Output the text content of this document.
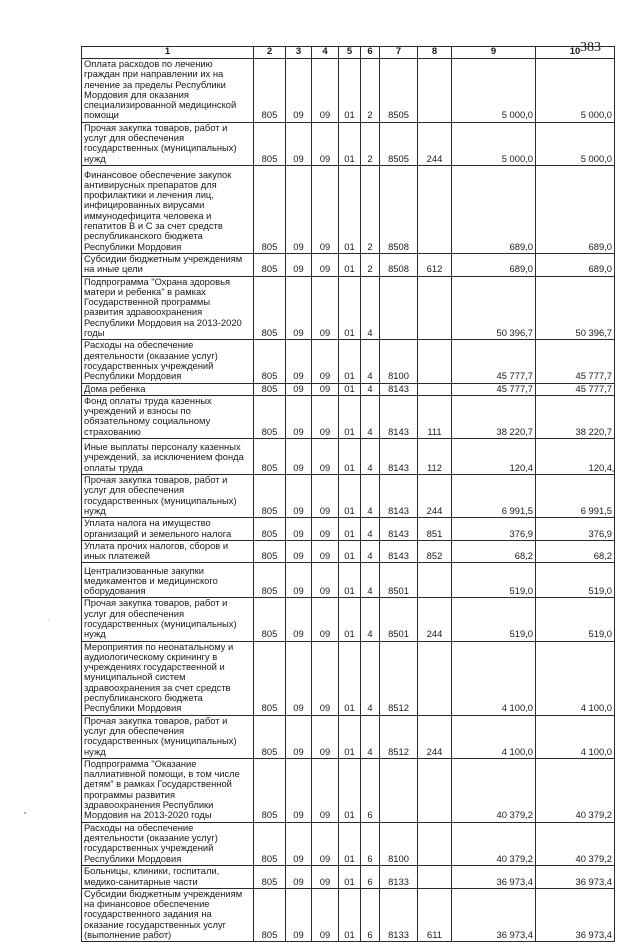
383
1	2	3	4	5	6	7	8	9	10
Оплата расходов по лечению граждан при направлении их на лечение за пределы Республики Мордовия для оказания специализированной медицинской помощи	805	09	09	01	2	8505		5 000,0	5 000,0
Прочая закупка товаров, работ и услуг для обеспечения государственных (муниципальных) нужд	805	09	09	01	2	8505	244	5 000,0	5 000,0
Финансовое обеспечение закупок антивирусных препаратов для профилактики и лечения лиц, инфицированных вирусами иммунодефицита человека и гепатитов В и С за счет средств республиканского бюджета Республики Мордовия	805	09	09	01	2	8508		689,0	689,0
Субсидии бюджетным учреждениям на иные цели	805	09	09	01	2	8508	612	689,0	689,0
Подпрограмма "Охрана здоровья матери и ребенка" в рамках Государственной программы развития здравоохранения Республики Мордовия на 2013-2020 годы	805	09	09	01	4			50 396,7	50 396,7
Расходы на обеспечение деятельности (оказание услуг) государственных учреждений Республики Мордовия	805	09	09	01	4	8100		45 777,7	45 777,7
Дома ребенка	805	09	09	01	4	8143		45 777,7	45 777,7
Фонд оплаты труда казенных учреждений и взносы по обязательному социальному страхованию	805	09	09	01	4	8143	111	38 220,7	38 220,7
Иные выплаты персоналу казенных учреждений, за исключением фонда оплаты труда	805	09	09	01	4	8143	112	120,4	120,4
Прочая закупка товаров, работ и услуг для обеспечения государственных (муниципальных) нужд	805	09	09	01	4	8143	244	6 991,5	6 991,5
Уплата налога на имущество организаций и земельного налога	805	09	09	01	4	8143	851	376,9	376,9
Уплата прочих налогов, сборов и иных платежей	805	09	09	01	4	8143	852	68,2	68,2
Централизованные закупки медикаментов и медицинского оборудования	805	09	09	01	4	8501		519,0	519,0
Прочая закупка товаров, работ и услуг для обеспечения государственных (муниципальных) нужд	805	09	09	01	4	8501	244	519,0	519,0
Мероприятия по неонатальному и аудиологическому скринингу в учреждениях государственной и муниципальной систем здравоохранения за счет средств республиканского бюджета Республики Мордовия	805	09	09	01	4	8512		4 100,0	4 100,0
Прочая закупка товаров, работ и услуг для обеспечения государственных (муниципальных) нужд	805	09	09	01	4	8512	244	4 100,0	4 100,0
Подпрограмма "Оказание паллиативной помощи, в том числе детям" в рамках Государственной программы развития здравоохранения Республики Мордовия на 2013-2020 годы	805	09	09	01	6			40 379,2	40 379,2
Расходы на обеспечение деятельности (оказание услуг) государственных учреждений Республики Мордовия	805	09	09	01	6	8100		40 379,2	40 379,2
Больницы, клиники, госпитали, медико-санитарные части	805	09	09	01	6	8133		36 973,4	36 973,4
Субсидии бюджетным учреждениям на финансовое обеспечение государственного задания на оказание государственных услуг (выполнение работ)	805	09	09	01	6	8133	611	36 973,4	36 973,4
